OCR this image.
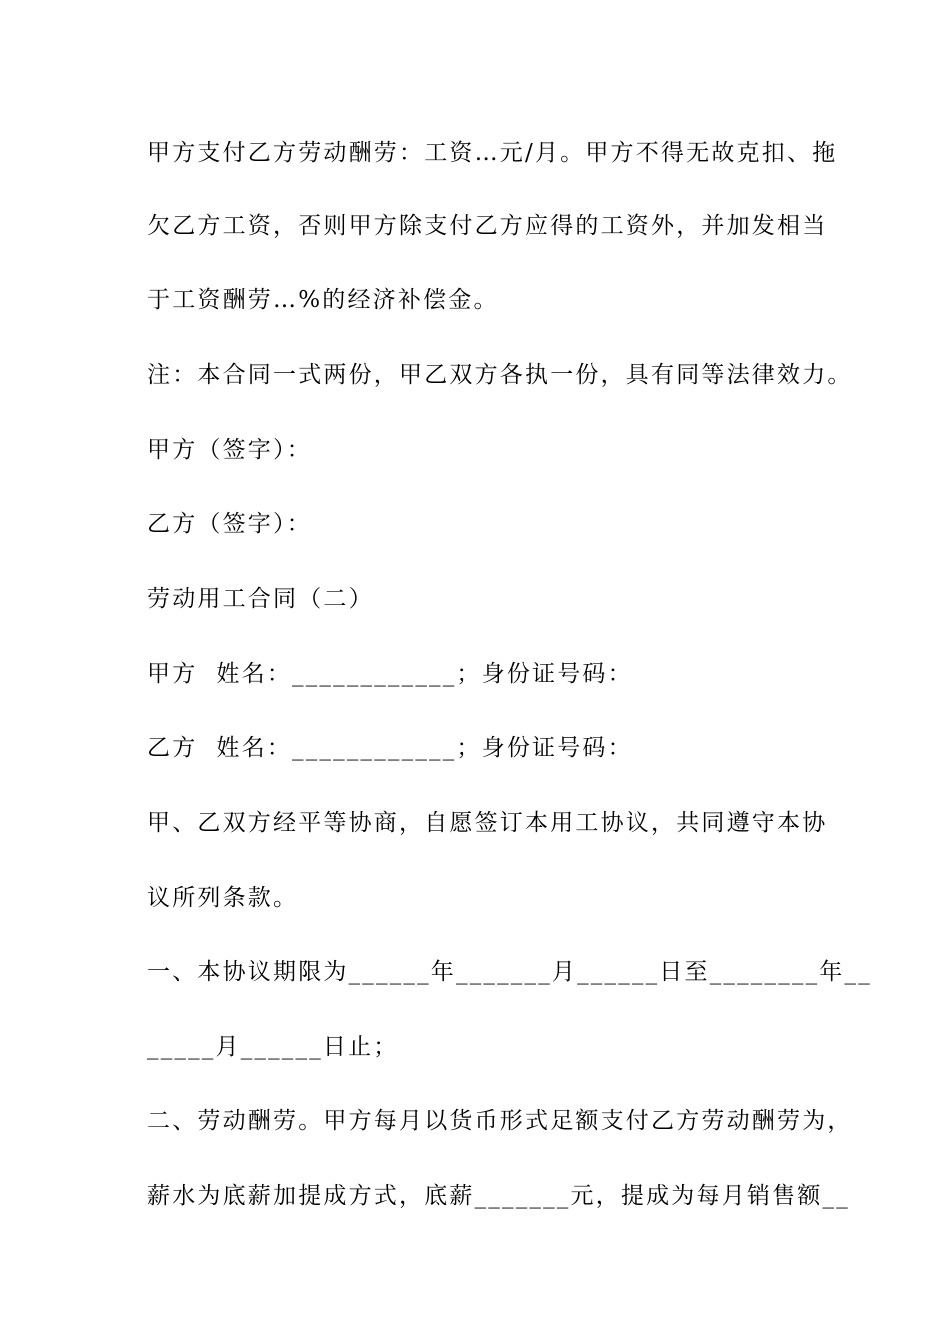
甲方支付乙方劳动酬劳：工资…元/月。甲方不得无故克扣、拖
欠乙方工资，否则甲方除支付乙方应得的工资外，并加发相当
于工资酬劳…%的经济补偿金。
注：本合同一式两份，甲乙双方各执一份，具有同等法律效力。
甲方（签字）：
乙方（签字）：
劳动用工合同（二）
甲方  姓名：____________；身份证号码：
乙方  姓名：____________；身份证号码：
甲、乙双方经平等协商，自愿签订本用工协议，共同遵守本协
议所列条款。
一、本协议期限为______年_______月______日至________年__
_____月______日止；
二、劳动酬劳。甲方每月以货币形式足额支付乙方劳动酬劳为，
薪水为底薪加提成方式，底薪_______元，提成为每月销售额__
